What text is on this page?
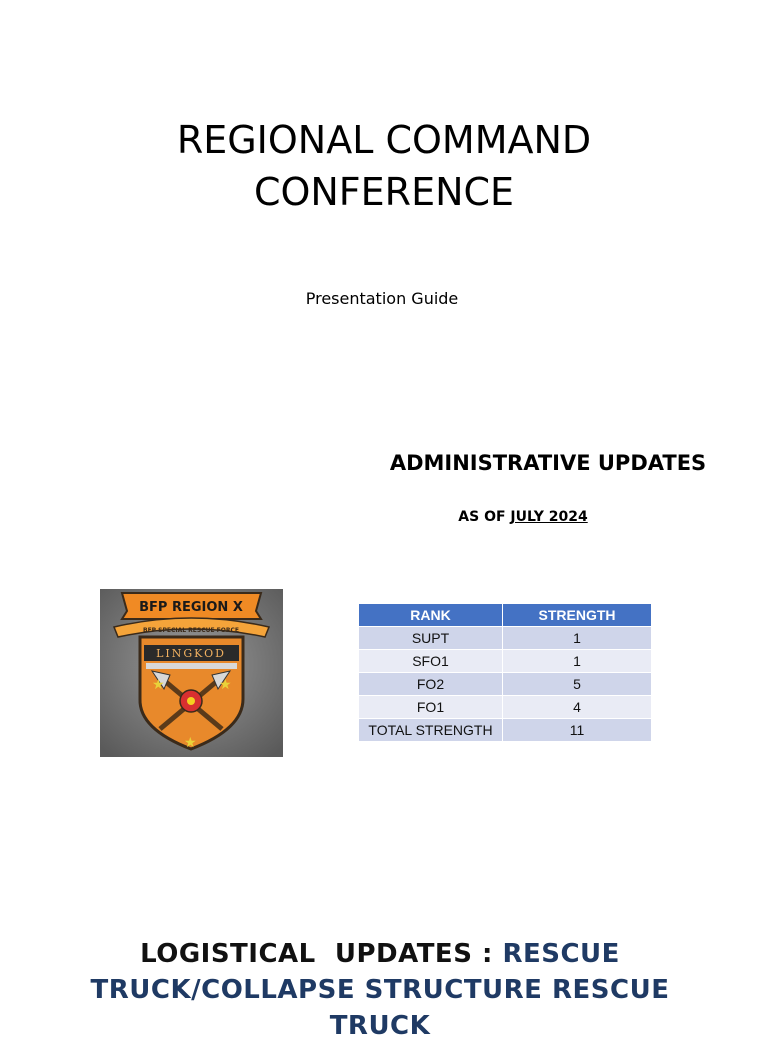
REGIONAL COMMAND
CONFERENCE

Presentation Guide

ADMINISTRATIVE UPDATES

AS OF JULY 2024

BFP REGION X
BFP SPECIAL RESCUE FORCE
LINGKOD
★	★
★
RANK	STRENGTH
SUPT	1
SFO1	1
FO2	5
FO1	4
TOTAL STRENGTH	11
LOGISTICAL  UPDATES : RESCUE
TRUCK/COLLAPSE STRUCTURE RESCUE
TRUCK
